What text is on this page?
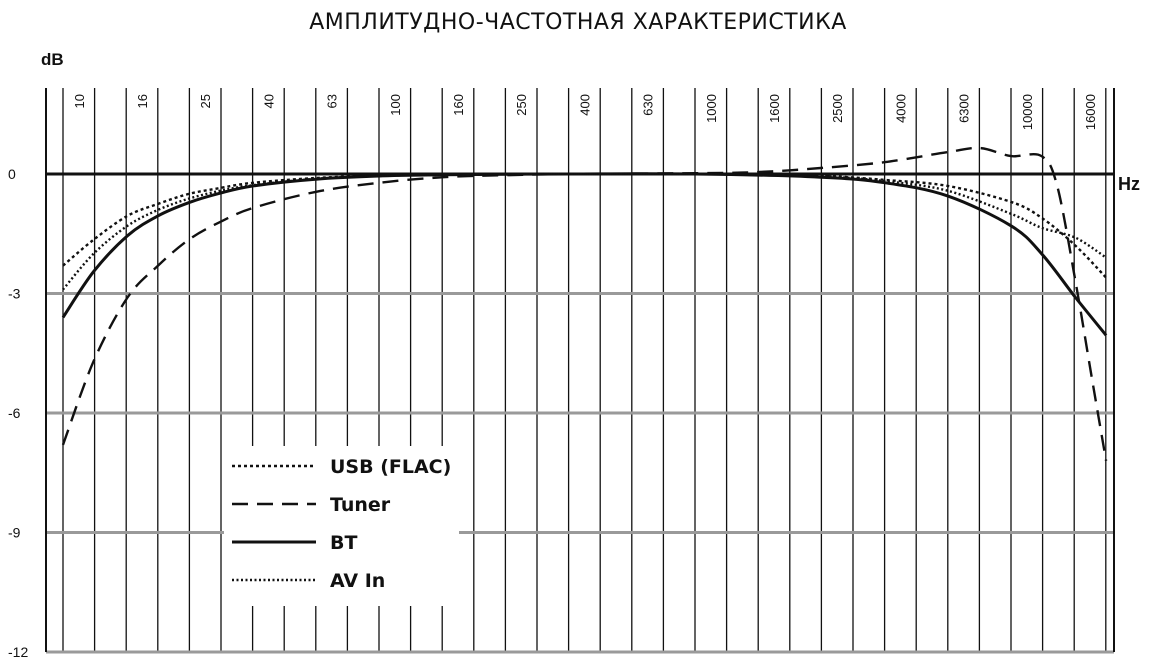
АМПЛИТУДНО-ЧАСТОТНАЯ ХАРАКТЕРИСТИКА
dB
Hz
0
-3
-6
-9
-12
10	16	25	40	63	100	160	250	400	630	1000	1600	2500	4000	6300	10000	16000
USB (FLAC)
Tuner
BT
AV In
